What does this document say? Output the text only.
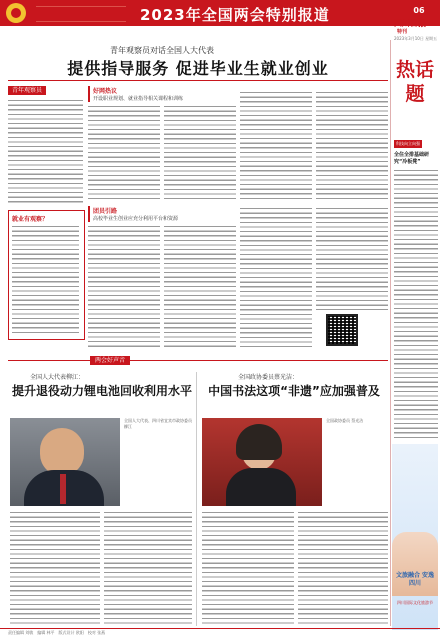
2023年全国两会特别报道	06
四川日报
特刊
2023年3月10日 星期五
青年观察员对话全国人大代表
提供指导服务 促进毕业生就业创业
青年观察员
就业有观察？
好网热议
开设职业规划、就业指导相关课程和训练
团员引路
高校毕业生创业应充分利用平台和资源
两会好声音
全国人大代表柳江：
提升退役动力锂电池回收利用水平
全国人大代表、四川省宜宾市政协委员 柳江
全国政协委员蔡光洁：
中国书法这项“非遗”应加强普及
全国政协委员 蔡光洁
热话题
科技向立向强
全住全排基础研究“冷板凳”
文旅融合 安逸四川
四川国际文化旅游节
责任编辑 刘敏　编辑 林平　版式设计 欧阳　校对 张燕
